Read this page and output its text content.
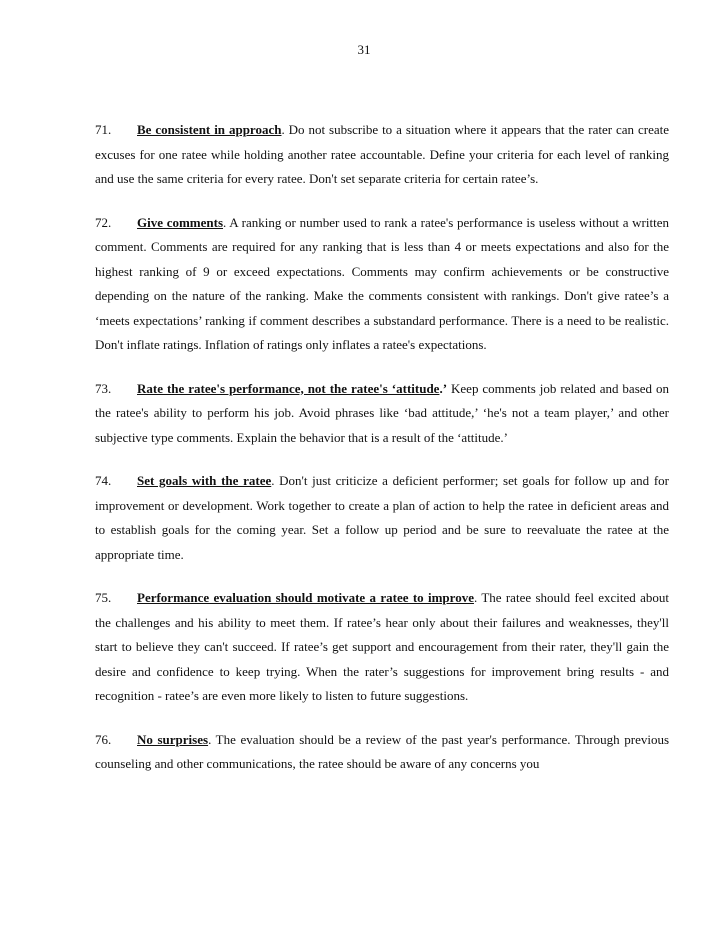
31

71. Be consistent in approach. Do not subscribe to a situation where it appears that the rater can create excuses for one ratee while holding another ratee accountable. Define your criteria for each level of ranking and use the same criteria for every ratee. Don't set separate criteria for certain ratee’s.

72. Give comments. A ranking or number used to rank a ratee's performance is useless without a written comment. Comments are required for any ranking that is less than 4 or meets expectations and also for the highest ranking of 9 or exceed expectations. Comments may confirm achievements or be constructive depending on the nature of the ranking. Make the comments consistent with rankings. Don't give ratee’s a ‘meets expectations’ ranking if comment describes a substandard performance. There is a need to be realistic. Don't inflate ratings. Inflation of ratings only inflates a ratee's expectations.

73. Rate the ratee's performance, not the ratee's ‘attitude.’ Keep comments job related and based on the ratee's ability to perform his job. Avoid phrases like ‘bad attitude,’ ‘he's not a team player,’ and other subjective type comments. Explain the behavior that is a result of the ‘attitude.’

74. Set goals with the ratee. Don't just criticize a deficient performer; set goals for follow up and for improvement or development. Work together to create a plan of action to help the ratee in deficient areas and to establish goals for the coming year. Set a follow up period and be sure to reevaluate the ratee at the appropriate time.

75. Performance evaluation should motivate a ratee to improve. The ratee should feel excited about the challenges and his ability to meet them. If ratee’s hear only about their failures and weaknesses, they'll start to believe they can't succeed. If ratee’s get support and encouragement from their rater, they'll gain the desire and confidence to keep trying. When the rater’s suggestions for improvement bring results - and recognition - ratee’s are even more likely to listen to future suggestions.

76. No surprises. The evaluation should be a review of the past year's performance. Through previous counseling and other communications, the ratee should be aware of any concerns you
